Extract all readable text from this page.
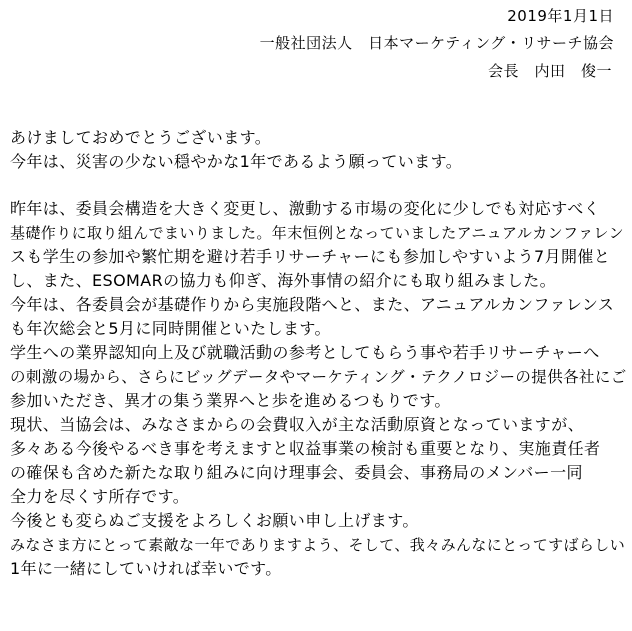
2019年1月1日
一般社団法人　日本マーケティング・リサーチ協会
会長　内田　俊一
あけましておめでとうございます。
今年は、災害の少ない穏やかな1年であるよう願っています。
昨年は、委員会構造を大きく変更し、激動する市場の変化に少しでも対応すべく
基礎作りに取り組んでまいりました。年末恒例となっていましたアニュアルカンファレン
スも学生の参加や繁忙期を避け若手リサーチャーにも参加しやすいよう7月開催と
し、また、ESOMARの協力も仰ぎ、海外事情の紹介にも取り組みました。
今年は、各委員会が基礎作りから実施段階へと、また、アニュアルカンファレンス
も年次総会と5月に同時開催といたします。
学生への業界認知向上及び就職活動の参考としてもらう事や若手リサーチャーへ
の刺激の場から、さらにビッグデータやマーケティング・テクノロジーの提供各社にご
参加いただき、異才の集う業界へと歩を進めるつもりです。
現状、当協会は、みなさまからの会費収入が主な活動原資となっていますが、
多々ある今後やるべき事を考えますと収益事業の検討も重要となり、実施責任者
の確保も含めた新たな取り組みに向け理事会、委員会、事務局のメンバー一同
全力を尽くす所存です。
今後とも変らぬご支援をよろしくお願い申し上げます。
みなさま方にとって素敵な一年でありますよう、そして、我々みんなにとってすばらしい
1年に一緒にしていければ幸いです。
